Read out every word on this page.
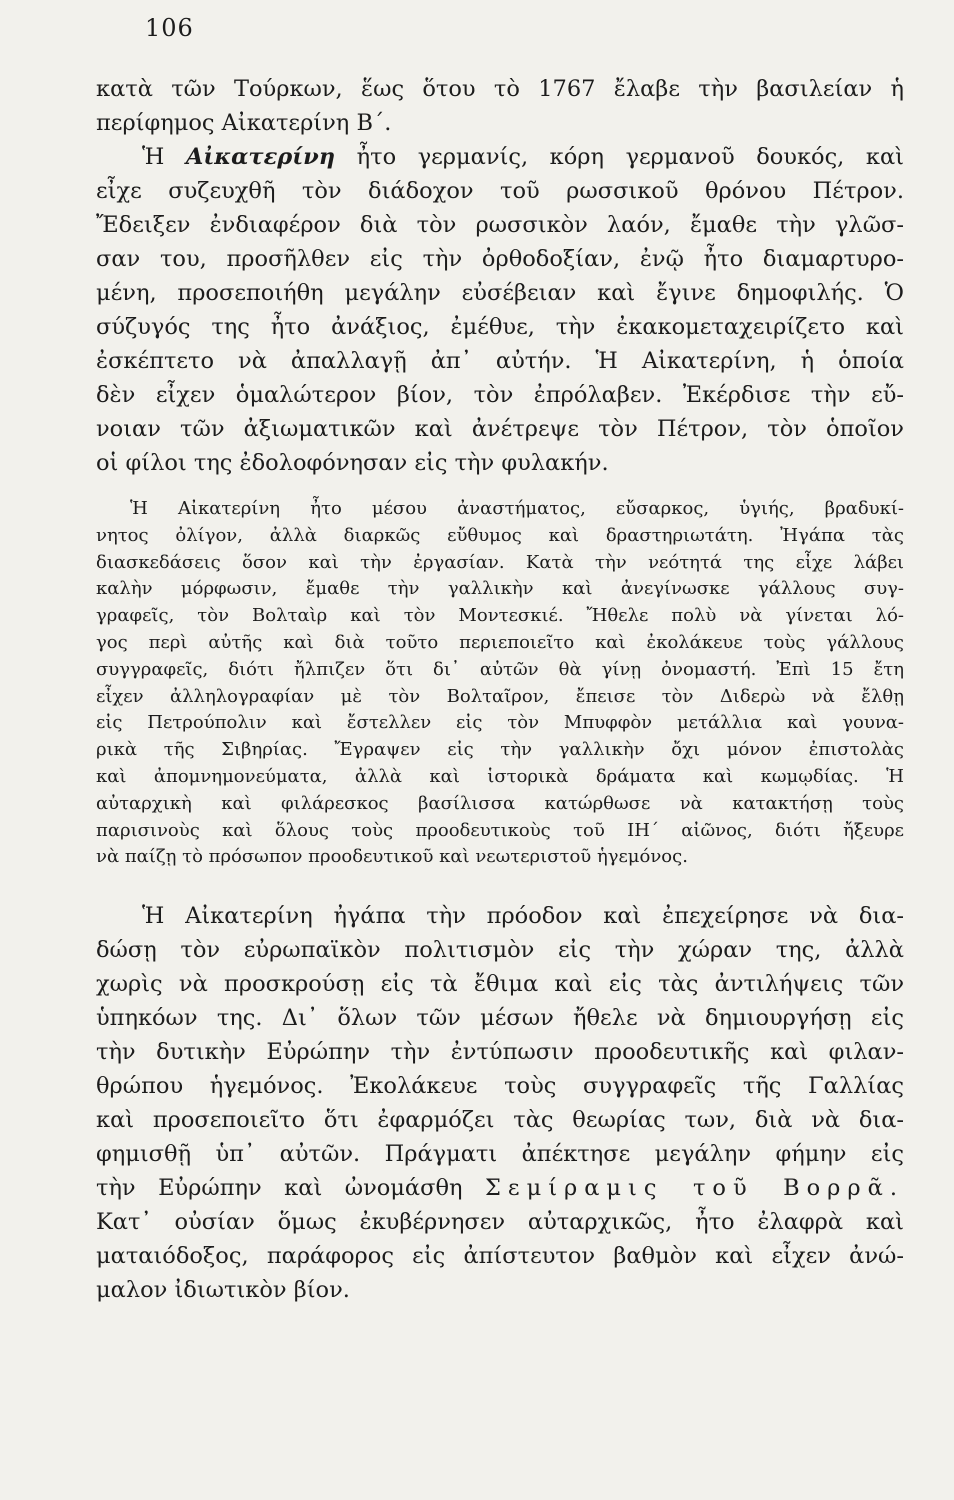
106
κατὰ τῶν Τούρκων, ἕως ὅτου τὸ 1767 ἔλαβε τὴν βασιλείαν ἡ
περίφημος Αἰκατερίνη Β΄.
Ἡ Αἰκατερίνη ἦτο γερμανίς, κόρη γερμανοῦ δουκός, καὶ
εἶχε συζευχθῆ τὸν διάδοχον τοῦ ρωσσικοῦ θρόνου Πέτρον.
Ἔδειξεν ἐνδιαφέρον διὰ τὸν ρωσσικὸν λαόν, ἔμαθε τὴν γλῶσ-
σαν του, προσῆλθεν εἰς τὴν ὀρθοδοξίαν, ἐνῷ ἦτο διαμαρτυρο-
μένη, προσεποιήθη μεγάλην εὐσέβειαν καὶ ἔγινε δημοφιλής. Ὁ
σύζυγός της ἦτο ἀνάξιος, ἐμέθυε, τὴν ἐκακομεταχειρίζετο καὶ
ἐσκέπτετο νὰ ἀπαλλαγῇ ἀπ᾿ αὐτήν. Ἡ Αἰκατερίνη, ἡ ὁποία
δὲν εἶχεν ὁμαλώτερον βίον, τὸν ἐπρόλαβεν. Ἐκέρδισε τὴν εὔ-
νοιαν τῶν ἀξιωματικῶν καὶ ἀνέτρεψε τὸν Πέτρον, τὸν ὁποῖον
οἱ φίλοι της ἐδολοφόνησαν εἰς τὴν φυλακήν.
Ἡ Αἰκατερίνη ἦτο μέσου ἀναστήματος, εὔσαρκος, ὑγιής, βραδυκί-
νητος ὀλίγον, ἀλλὰ διαρκῶς εὔθυμος καὶ δραστηριωτάτη. Ἠγάπα τὰς
διασκεδάσεις ὅσον καὶ τὴν ἐργασίαν. Κατὰ τὴν νεότητά της εἶχε λάβει
καλὴν μόρφωσιν, ἔμαθε τὴν γαλλικὴν καὶ ἀνεγίνωσκε γάλλους συγ-
γραφεῖς, τὸν Βολταὶρ καὶ τὸν Μοντεσκιέ. Ἤθελε πολὺ νὰ γίνεται λό-
γος περὶ αὐτῆς καὶ διὰ τοῦτο περιεποιεῖτο καὶ ἐκολάκευε τοὺς γάλλους
συγγραφεῖς, διότι ἤλπιζεν ὅτι δι᾿ αὐτῶν θὰ γίνῃ ὀνομαστή. Ἐπὶ 15 ἔτη
εἶχεν ἀλληλογραφίαν μὲ τὸν Βολταῖρον, ἔπεισε τὸν Διδερὼ νὰ ἔλθῃ
εἰς Πετρούπολιν καὶ ἔστελλεν εἰς τὸν Μπυφφὸν μετάλλια καὶ γουνα-
ρικὰ τῆς Σιβηρίας. Ἔγραψεν εἰς τὴν γαλλικὴν ὄχι μόνον ἐπιστολὰς
καὶ ἀπομνημονεύματα, ἀλλὰ καὶ ἱστορικὰ δράματα καὶ κωμῳδίας. Ἡ
αὐταρχικὴ καὶ φιλάρεσκος βασίλισσα κατώρθωσε νὰ κατακτήσῃ τοὺς
παρισινοὺς καὶ ὅλους τοὺς προοδευτικοὺς τοῦ ΙΗ΄ αἰῶνος, διότι ἤξευρε
νὰ παίζῃ τὸ πρόσωπον προοδευτικοῦ καὶ νεωτεριστοῦ ἡγεμόνος.
Ἡ Αἰκατερίνη ἠγάπα τὴν πρόοδον καὶ ἐπεχείρησε νὰ δια-
δώσῃ τὸν εὐρωπαϊκὸν πολιτισμὸν εἰς τὴν χώραν της, ἀλλὰ
χωρὶς νὰ προσκρούσῃ εἰς τὰ ἔθιμα καὶ εἰς τὰς ἀντιλήψεις τῶν
ὑπηκόων της. Δι᾿ ὅλων τῶν μέσων ἤθελε νὰ δημιουργήσῃ εἰς
τὴν δυτικὴν Εὐρώπην τὴν ἐντύπωσιν προοδευτικῆς καὶ φιλαν-
θρώπου ἡγεμόνος. Ἐκολάκευε τοὺς συγγραφεῖς τῆς Γαλλίας
καὶ προσεποιεῖτο ὅτι ἐφαρμόζει τὰς θεωρίας των, διὰ νὰ δια-
φημισθῇ ὑπ᾿ αὐτῶν. Πράγματι ἀπέκτησε μεγάλην φήμην εἰς
τὴν Εὐρώπην καὶ ὠνομάσθη Σεμίραμις τοῦ Βορρᾶ.
Κατ᾿ οὐσίαν ὅμως ἐκυβέρνησεν αὐταρχικῶς, ἦτο ἐλαφρὰ καὶ
ματαιόδοξος, παράφορος εἰς ἀπίστευτον βαθμὸν καὶ εἶχεν ἀνώ-
μαλον ἰδιωτικὸν βίον.
